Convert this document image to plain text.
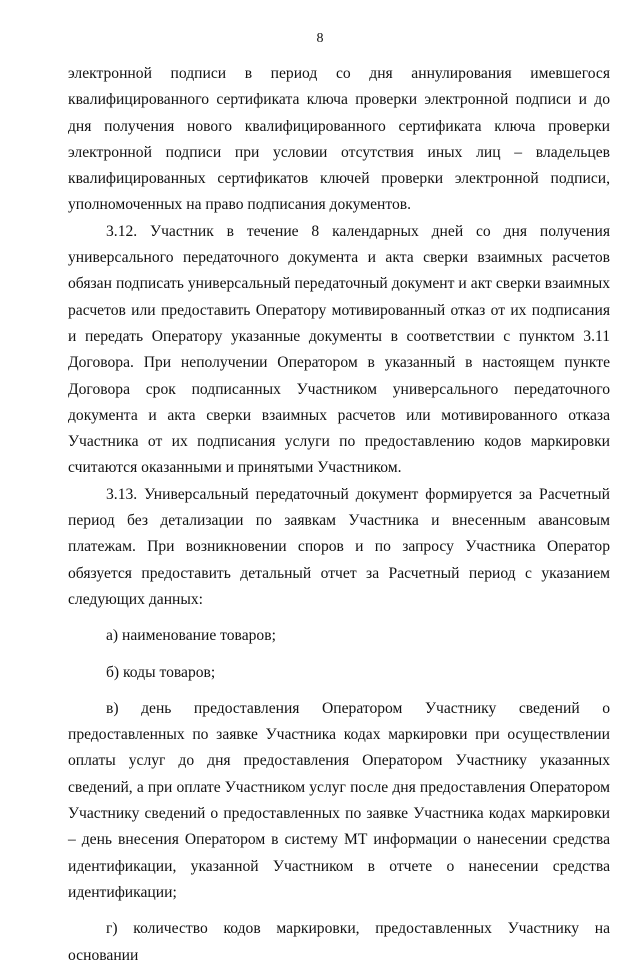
8

электронной подписи в период со дня аннулирования имевшегося квалифицированного сертификата ключа проверки электронной подписи и до дня получения нового квалифицированного сертификата ключа проверки электронной подписи при условии отсутствия иных лиц – владельцев квалифицированных сертификатов ключей проверки электронной подписи, уполномоченных на право подписания документов.

3.12. Участник в течение 8 календарных дней со дня получения универсального передаточного документа и акта сверки взаимных расчетов обязан подписать универсальный передаточный документ и акт сверки взаимных расчетов или предоставить Оператору мотивированный отказ от их подписания и передать Оператору указанные документы в соответствии с пунктом 3.11 Договора. При неполучении Оператором в указанный в настоящем пункте Договора срок подписанных Участником универсального передаточного документа и акта сверки взаимных расчетов или мотивированного отказа Участника от их подписания услуги по предоставлению кодов маркировки считаются оказанными и принятыми Участником.

3.13. Универсальный передаточный документ формируется за Расчетный период без детализации по заявкам Участника и внесенным авансовым платежам. При возникновении споров и по запросу Участника Оператор обязуется предоставить детальный отчет за Расчетный период с указанием следующих данных:

а) наименование товаров;

б) коды товаров;

в) день предоставления Оператором Участнику сведений о предоставленных по заявке Участника кодах маркировки при осуществлении оплаты услуг до дня предоставления Оператором Участнику указанных сведений, а при оплате Участником услуг после дня предоставления Оператором Участнику сведений о предоставленных по заявке Участника кодах маркировки – день внесения Оператором в систему МТ информации о нанесении средства идентификации, указанной Участником в отчете о нанесении средства идентификации;

г) количество кодов маркировки, предоставленных Участнику на основании
